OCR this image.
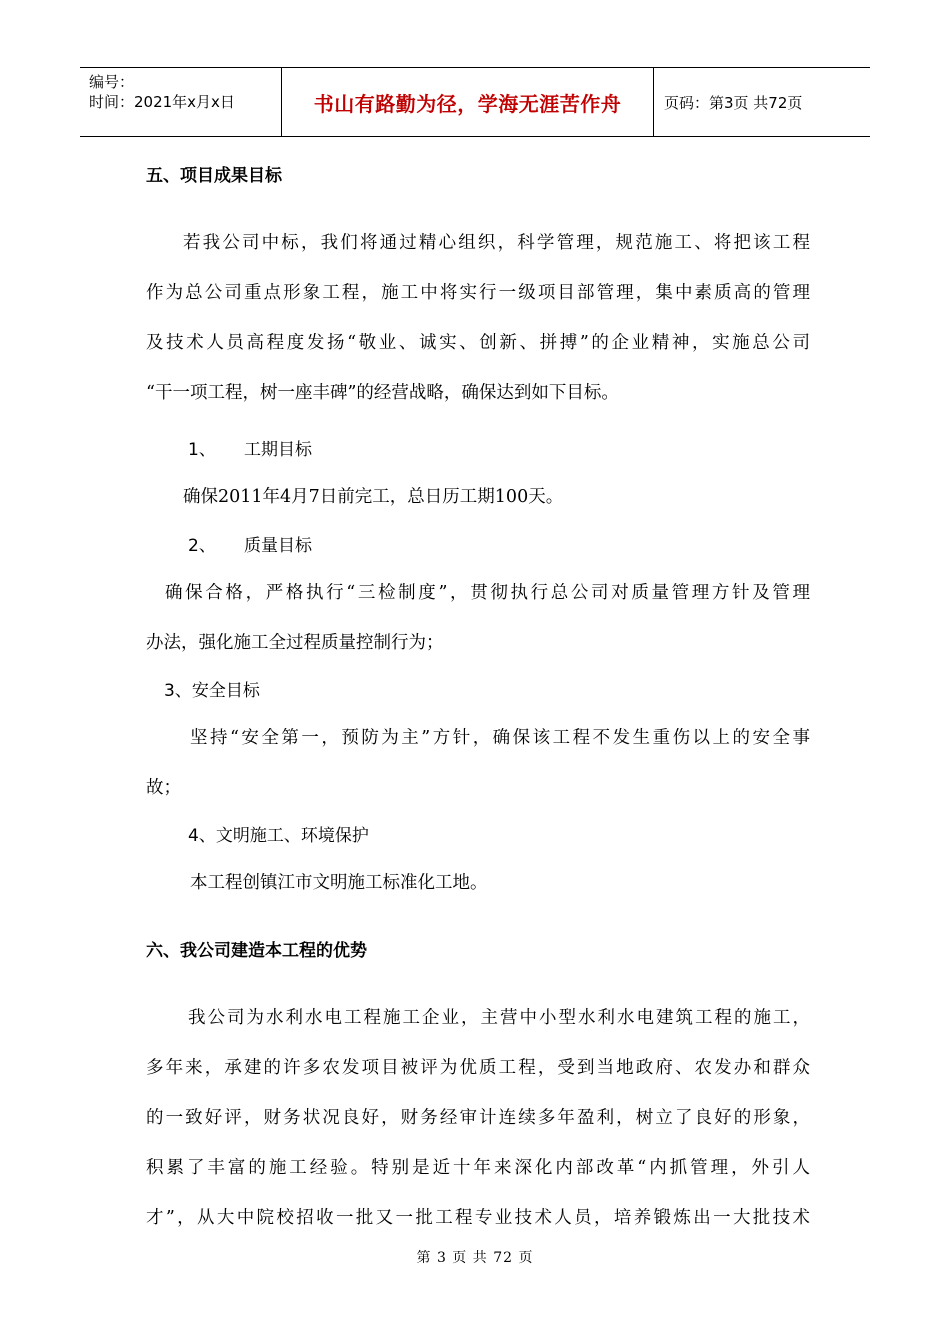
编号：
时间：2021年x月x日	书山有路勤为径，学海无涯苦作舟	页码：第3页 共72页
五、项目成果目标
若我公司中标，我们将通过精心组织，科学管理，规范施工、将把该工程
作为总公司重点形象工程，施工中将实行一级项目部管理，集中素质高的管理
及技术人员高程度发扬“敬业、诚实、创新、拼搏”的企业精神，实施总公司
“干一项工程，树一座丰碑”的经营战略，确保达到如下目标。
1、 工期目标
确保2011年4月7日前完工，总日历工期100天。
2、 质量目标
确保合格，严格执行“三检制度”，贯彻执行总公司对质量管理方针及管理
办法，强化施工全过程质量控制行为；
3、安全目标
坚持“安全第一，预防为主”方针，确保该工程不发生重伤以上的安全事
故；
4、文明施工、环境保护
本工程创镇江市文明施工标准化工地。
六、我公司建造本工程的优势
我公司为水利水电工程施工企业，主营中小型水利水电建筑工程的施工，
多年来，承建的许多农发项目被评为优质工程，受到当地政府、农发办和群众
的一致好评，财务状况良好，财务经审计连续多年盈利，树立了良好的形象，
积累了丰富的施工经验。特别是近十年来深化内部改革“内抓管理，外引人
才”，从大中院校招收一批又一批工程专业技术人员，培养锻炼出一大批技术
第 3 页 共 72 页
